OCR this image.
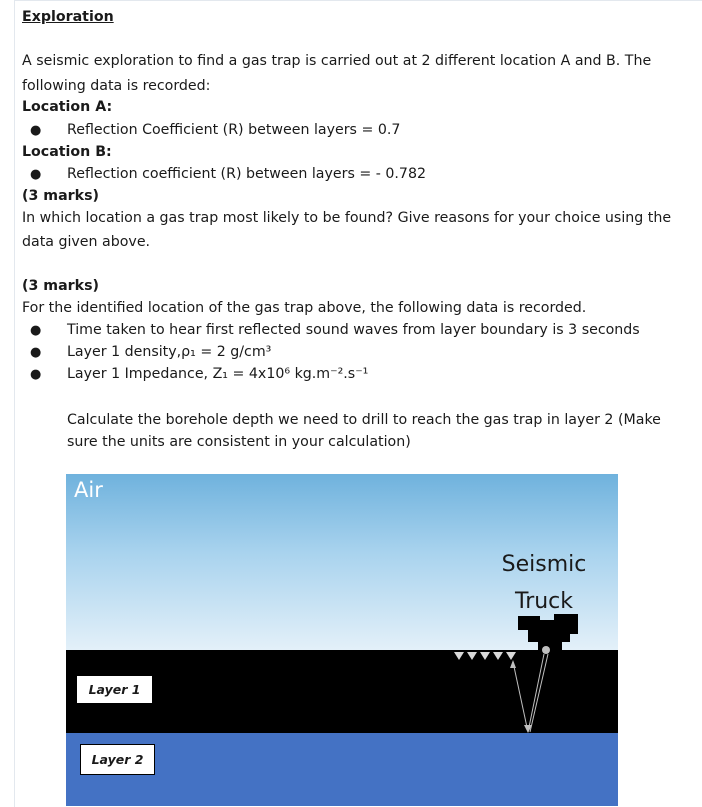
Exploration
A seismic exploration to find a gas trap is carried out at 2 different location A and B. The
following data is recorded:
Location A:
● Reflection Coefficient (R) between layers = 0.7
Location B:
● Reflection coefficient (R) between layers = - 0.782
(3 marks)
In which location a gas trap most likely to be found? Give reasons for your choice using the
data given above.
(3 marks)
For the identified location of the gas trap above, the following data is recorded.
● Time taken to hear first reflected sound waves from layer boundary is 3 seconds
● Layer 1 density,ρ₁ = 2 g/cm³
● Layer 1 Impedance, Z₁ = 4x10⁶ kg.m⁻².s⁻¹
Calculate the borehole depth we need to drill to reach the gas trap in layer 2 (Make
sure the units are consistent in your calculation)
Air
Seismic
Truck
Layer 1
Layer 2
